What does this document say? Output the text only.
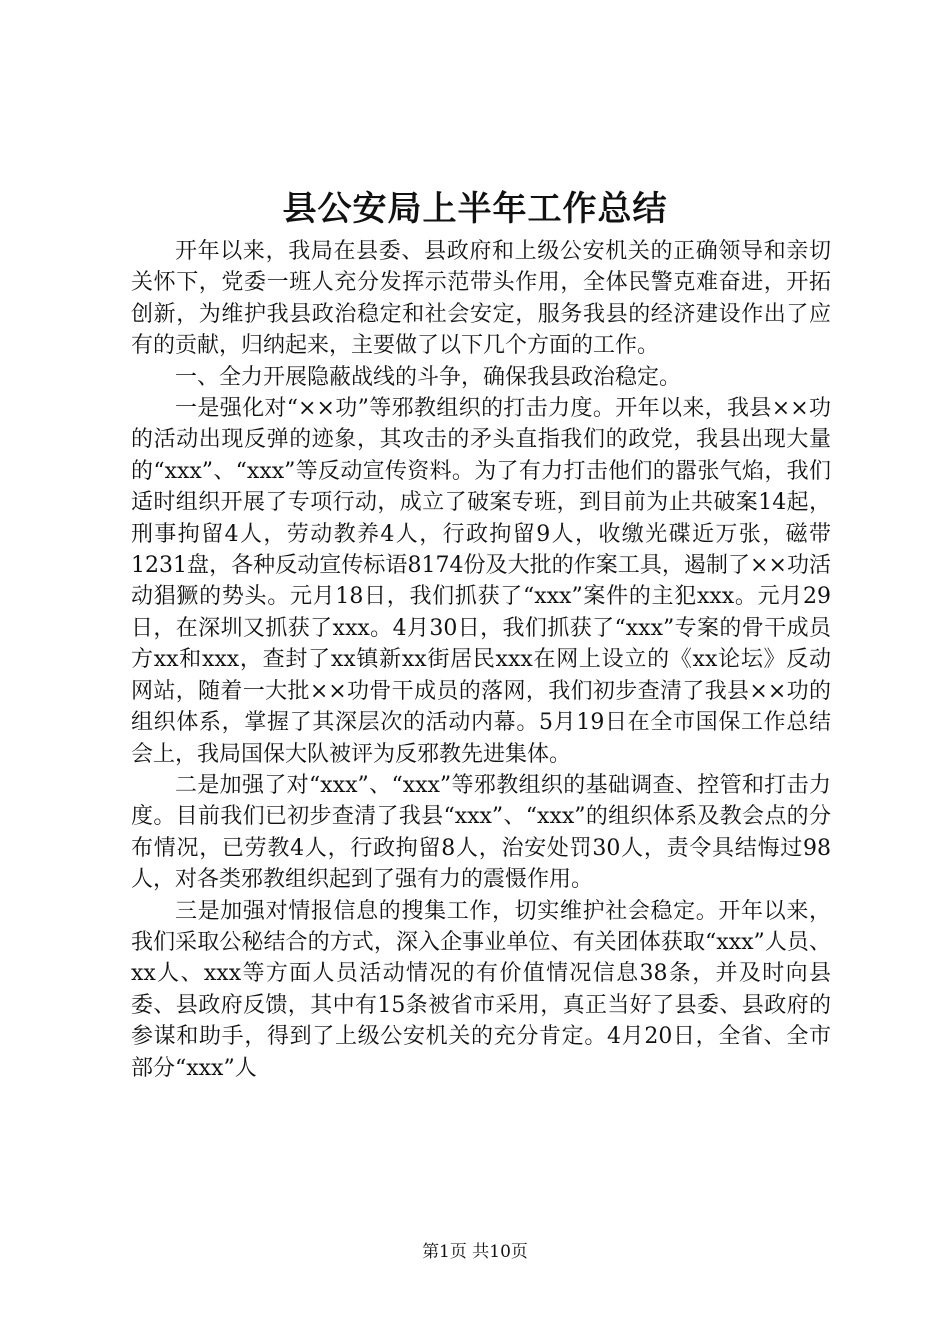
县公安局上半年工作总结

开年以来，我局在县委、县政府和上级公安机关的正确领导和亲切关怀下，党委一班人充分发挥示范带头作用，全体民警克难奋进，开拓创新，为维护我县政治稳定和社会安定，服务我县的经济建设作出了应有的贡献，归纳起来，主要做了以下几个方面的工作。

一、全力开展隐蔽战线的斗争，确保我县政治稳定。

一是强化对“××功”等邪教组织的打击力度。开年以来，我县××功的活动出现反弹的迹象，其攻击的矛头直指我们的政党，我县出现大量的“xxx”、“xxx”等反动宣传资料。为了有力打击他们的嚣张气焰，我们适时组织开展了专项行动，成立了破案专班，到目前为止共破案14起，刑事拘留4人，劳动教养4人，行政拘留9人，收缴光碟近万张，磁带1231盘，各种反动宣传标语8174份及大批的作案工具，遏制了××功活动猖獗的势头。元月18日，我们抓获了“xxx”案件的主犯xxx。元月29日，在深圳又抓获了xxx。4月30日，我们抓获了“xxx”专案的骨干成员方xx和xxx，查封了xx镇新xx街居民xxx在网上设立的《xx论坛》反动网站，随着一大批××功骨干成员的落网，我们初步查清了我县××功的组织体系，掌握了其深层次的活动内幕。5月19日在全市国保工作总结会上，我局国保大队被评为反邪教先进集体。

二是加强了对“xxx”、“xxx”等邪教组织的基础调查、控管和打击力度。目前我们已初步查清了我县“xxx”、“xxx”的组织体系及教会点的分布情况，已劳教4人，行政拘留8人，治安处罚30人，责令具结悔过98人，对各类邪教组织起到了强有力的震慑作用。

三是加强对情报信息的搜集工作，切实维护社会稳定。开年以来，我们采取公秘结合的方式，深入企事业单位、有关团体获取“xxx”人员、xx人、xxx等方面人员活动情况的有价值情况信息38条，并及时向县委、县政府反馈，其中有15条被省市采用，真正当好了县委、县政府的参谋和助手，得到了上级公安机关的充分肯定。4月20日，全省、全市部分“xxx”人

第1页 共10页
